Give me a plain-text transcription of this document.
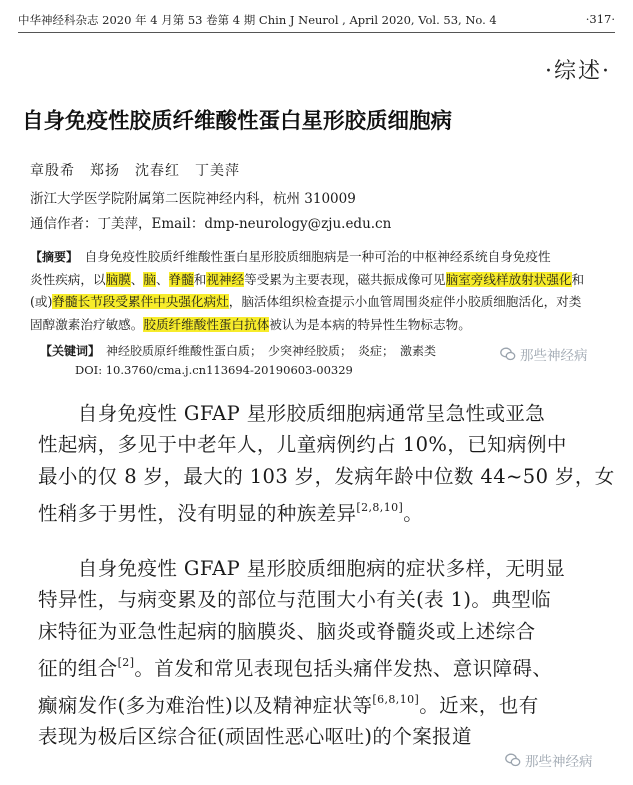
中华神经科杂志 2020 年 4 月第 53 卷第 4 期 Chin J Neurol , April 2020, Vol. 53, No. 4	·317·
·综述·
自身免疫性胶质纤维酸性蛋白星形胶质细胞病
章殷希　郑扬　沈春红　丁美萍
浙江大学医学院附属第二医院神经内科，杭州 310009
通信作者：丁美萍，Email：dmp-neurology@zju.edu.cn
【摘要】　自身免疫性胶质纤维酸性蛋白星形胶质细胞病是一种可治的中枢神经系统自身免疫性
炎性疾病，以脑膜、脑、脊髓和视神经等受累为主要表现，磁共振成像可见脑室旁线样放射状强化和
(或)脊髓长节段受累伴中央强化病灶，脑活体组织检查提示小血管周围炎症伴小胶质细胞活化，对类
固醇激素治疗敏感。胶质纤维酸性蛋白抗体被认为是本病的特异性生物标志物。
【关键词】　神经胶质原纤维酸性蛋白质；　少突神经胶质；　炎症；　激素类
DOI: 10.3760/cma.j.cn113694-20190603-00329
那些神经病

　　自身免疫性 GFAP 星形胶质细胞病通常呈急性或亚急

性起病，多见于中老年人，儿童病例约占 10%，已知病例中

最小的仅 8 岁，最大的 103 岁，发病年龄中位数 44~50 岁，女

性稍多于男性，没有明显的种族差异[2,8,10]。

　　自身免疫性 GFAP 星形胶质细胞病的症状多样，无明显

特异性，与病变累及的部位与范围大小有关(表 1)。典型临

床特征为亚急性起病的脑膜炎、脑炎或脊髓炎或上述综合

征的组合[2]。首发和常见表现包括头痛伴发热、意识障碍、

癫痫发作(多为难治性)以及精神症状等[6,8,10]。近来，也有

表现为极后区综合征(顽固性恶心呕吐)的个案报道

那些神经病
